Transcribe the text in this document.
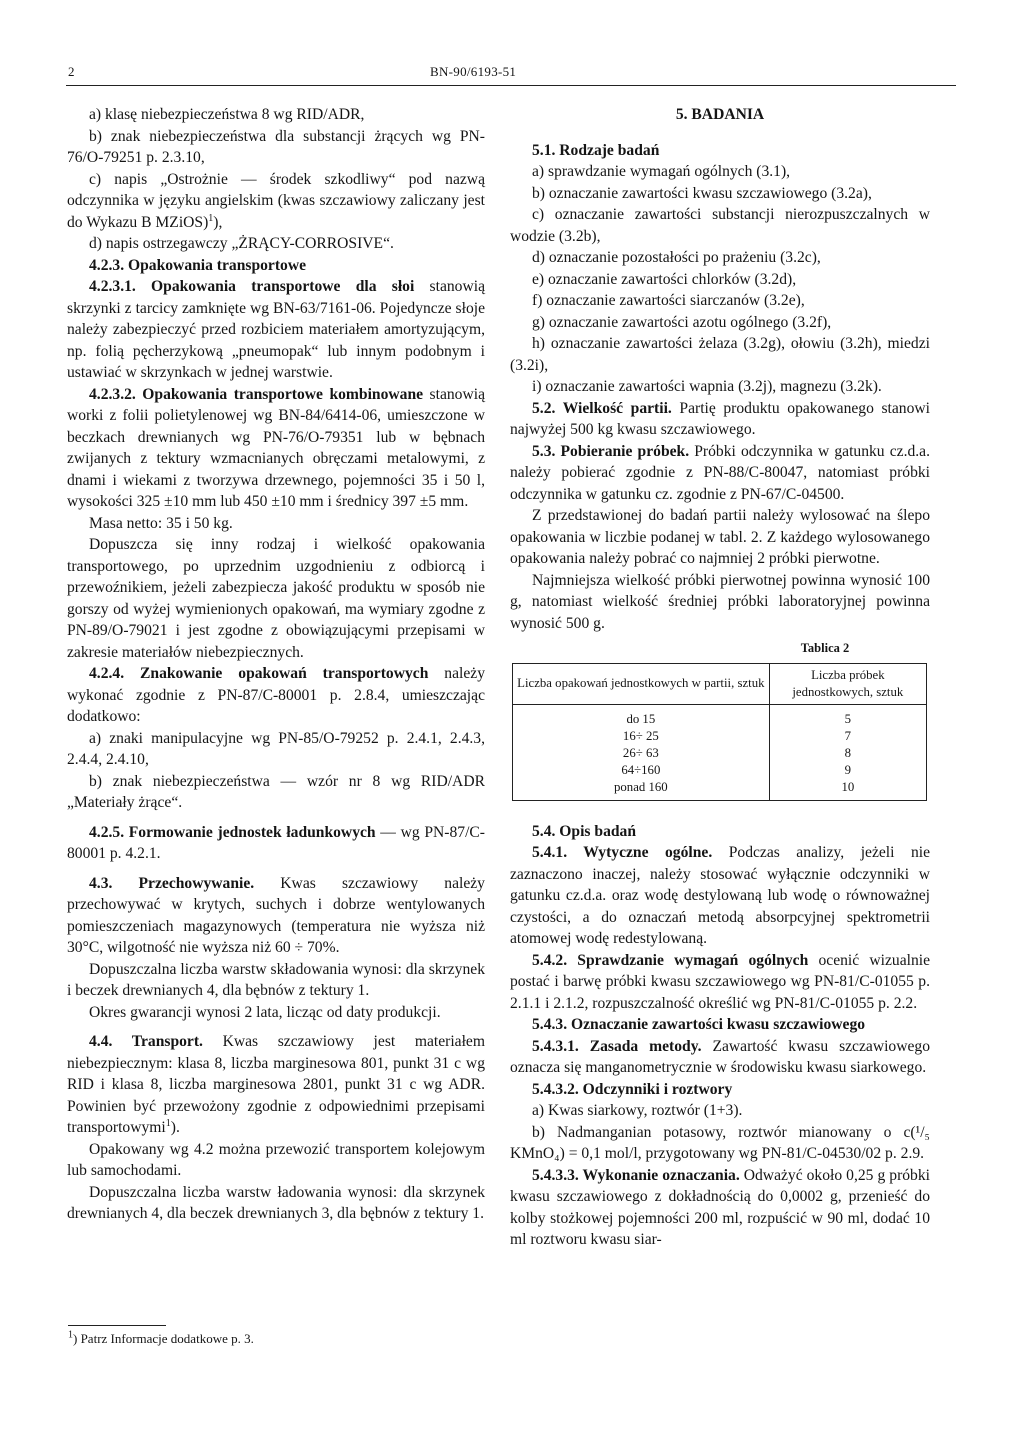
2	BN-90/6193-51

a) klasę niebezpieczeństwa 8 wg RID/ADR,

b) znak niebezpieczeństwa dla substancji żrących wg PN-76/O-79251 p. 2.3.10,

c) napis „Ostrożnie — środek szkodliwy“ pod nazwą odczynnika w języku angielskim (kwas szczawiowy zaliczany jest do Wykazu B MZiOS)$^1$),

d) napis ostrzegawczy „ŻRĄCY-CORROSIVE“.

4.2.3. Opakowania transportowe

4.2.3.1. Opakowania transportowe dla słoi stanowią skrzynki z tarcicy zamknięte wg BN-63/7161-06. Pojedyncze słoje należy zabezpieczyć przed rozbiciem materiałem amortyzującym, np. folią pęcherzykową „pneumopak“ lub innym podobnym i ustawiać w skrzynkach w jednej warstwie.

4.2.3.2. Opakowania transportowe kombinowane stanowią worki z folii polietylenowej wg BN-84/6414-06, umieszczone w beczkach drewnianych wg PN-76/O-79351 lub w bębnach zwijanych z tektury wzmacnianych obręczami metalowymi, z dnami i wiekami z tworzywa drzewnego, pojemności 35 i 50 l, wysokości 325 ±10 mm lub 450 ±10 mm i średnicy 397 ±5 mm.

Masa netto: 35 i 50 kg.

Dopuszcza się inny rodzaj i wielkość opakowania transportowego, po uprzednim uzgodnieniu z odbiorcą i przewoźnikiem, jeżeli zabezpiecza jakość produktu w sposób nie gorszy od wyżej wymienionych opakowań, ma wymiary zgodne z PN-89/O-79021 i jest zgodne z obowiązującymi przepisami w zakresie materiałów niebezpiecznych.

4.2.4. Znakowanie opakowań transportowych należy wykonać zgodnie z PN-87/C-80001 p. 2.8.4, umieszczając dodatkowo:

a) znaki manipulacyjne wg PN-85/O-79252 p. 2.4.1, 2.4.3, 2.4.4, 2.4.10,

b) znak niebezpieczeństwa — wzór nr 8 wg RID/ADR „Materiały żrące“.

4.2.5. Formowanie jednostek ładunkowych — wg PN-87/C-80001 p. 4.2.1.

4.3. Przechowywanie. Kwas szczawiowy należy przechowywać w krytych, suchych i dobrze wentylowanych pomieszczeniach magazynowych (temperatura nie wyższa niż 30°C, wilgotność nie wyższa niż 60 ÷ 70%.

Dopuszczalna liczba warstw składowania wynosi: dla skrzynek i beczek drewnianych 4, dla bębnów z tektury 1.

Okres gwarancji wynosi 2 lata, licząc od daty produkcji.

4.4. Transport. Kwas szczawiowy jest materiałem niebezpiecznym: klasa 8, liczba marginesowa 801, punkt 31 c wg RID i klasa 8, liczba marginesowa 2801, punkt 31 c wg ADR. Powinien być przewożony zgodnie z odpowiednimi przepisami transportowymi$^1$).

Opakowany wg 4.2 można przewozić transportem kolejowym lub samochodami.

Dopuszczalna liczba warstw ładowania wynosi: dla skrzynek drewnianych 4, dla beczek drewnianych 3, dla bębnów z tektury 1.

$^1$) Patrz Informacje dodatkowe p. 3.

5. BADANIA

5.1. Rodzaje badań

a) sprawdzanie wymagań ogólnych (3.1),

b) oznaczanie zawartości kwasu szczawiowego (3.2a),

c) oznaczanie zawartości substancji nierozpuszczalnych w wodzie (3.2b),

d) oznaczanie pozostałości po prażeniu (3.2c),

e) oznaczanie zawartości chlorków (3.2d),

f) oznaczanie zawartości siarczanów (3.2e),

g) oznaczanie zawartości azotu ogólnego (3.2f),

h) oznaczanie zawartości żelaza (3.2g), ołowiu (3.2h), miedzi (3.2i),

i) oznaczanie zawartości wapnia (3.2j), magnezu (3.2k).

5.2. Wielkość partii. Partię produktu opakowanego stanowi najwyżej 500 kg kwasu szczawiowego.

5.3. Pobieranie próbek. Próbki odczynnika w gatunku cz.d.a. należy pobierać zgodnie z PN-88/C-80047, natomiast próbki odczynnika w gatunku cz. zgodnie z PN-67/C-04500.

Z przedstawionej do badań partii należy wylosować na ślepo opakowania w liczbie podanej w tabl. 2. Z każdego wylosowanego opakowania należy pobrać co najmniej 2 próbki pierwotne.

Najmniejsza wielkość próbki pierwotnej powinna wynosić 100 g, natomiast wielkość średniej próbki laboratoryjnej powinna wynosić 500 g.

Tablica 2
Liczba opakowań jednostkowych w partii, sztuk	Liczba próbek jednostkowych, sztuk
do 15	5
16÷ 25	7
26÷ 63	8
64÷160	9
ponad 160	10

5.4. Opis badań

5.4.1. Wytyczne ogólne. Podczas analizy, jeżeli nie zaznaczono inaczej, należy stosować wyłącznie odczynniki w gatunku cz.d.a. oraz wodę destylowaną lub wodę o równoważnej czystości, a do oznaczań metodą absorpcyjnej spektrometrii atomowej wodę redestylowaną.

5.4.2. Sprawdzanie wymagań ogólnych ocenić wizualnie postać i barwę próbki kwasu szczawiowego wg PN-81/C-01055 p. 2.1.1 i 2.1.2, rozpuszczalność określić wg PN-81/C-01055 p. 2.2.

5.4.3. Oznaczanie zawartości kwasu szczawiowego

5.4.3.1. Zasada metody. Zawartość kwasu szczawiowego oznacza się manganometrycznie w środowisku kwasu siarkowego.

5.4.3.2. Odczynniki i roztwory

a) Kwas siarkowy, roztwór (1+3).

b) Nadmanganian potasowy, roztwór mianowany o c(¹/₅ KMnO₄) = 0,1 mol/l, przygotowany wg PN-81/C-04530/02 p. 2.9.

5.4.3.3. Wykonanie oznaczania. Odważyć około 0,25 g próbki kwasu szczawiowego z dokładnością do 0,0002 g, przenieść do kolby stożkowej pojemności 200 ml, rozpuścić w 90 ml, dodać 10 ml roztworu kwasu siar-
